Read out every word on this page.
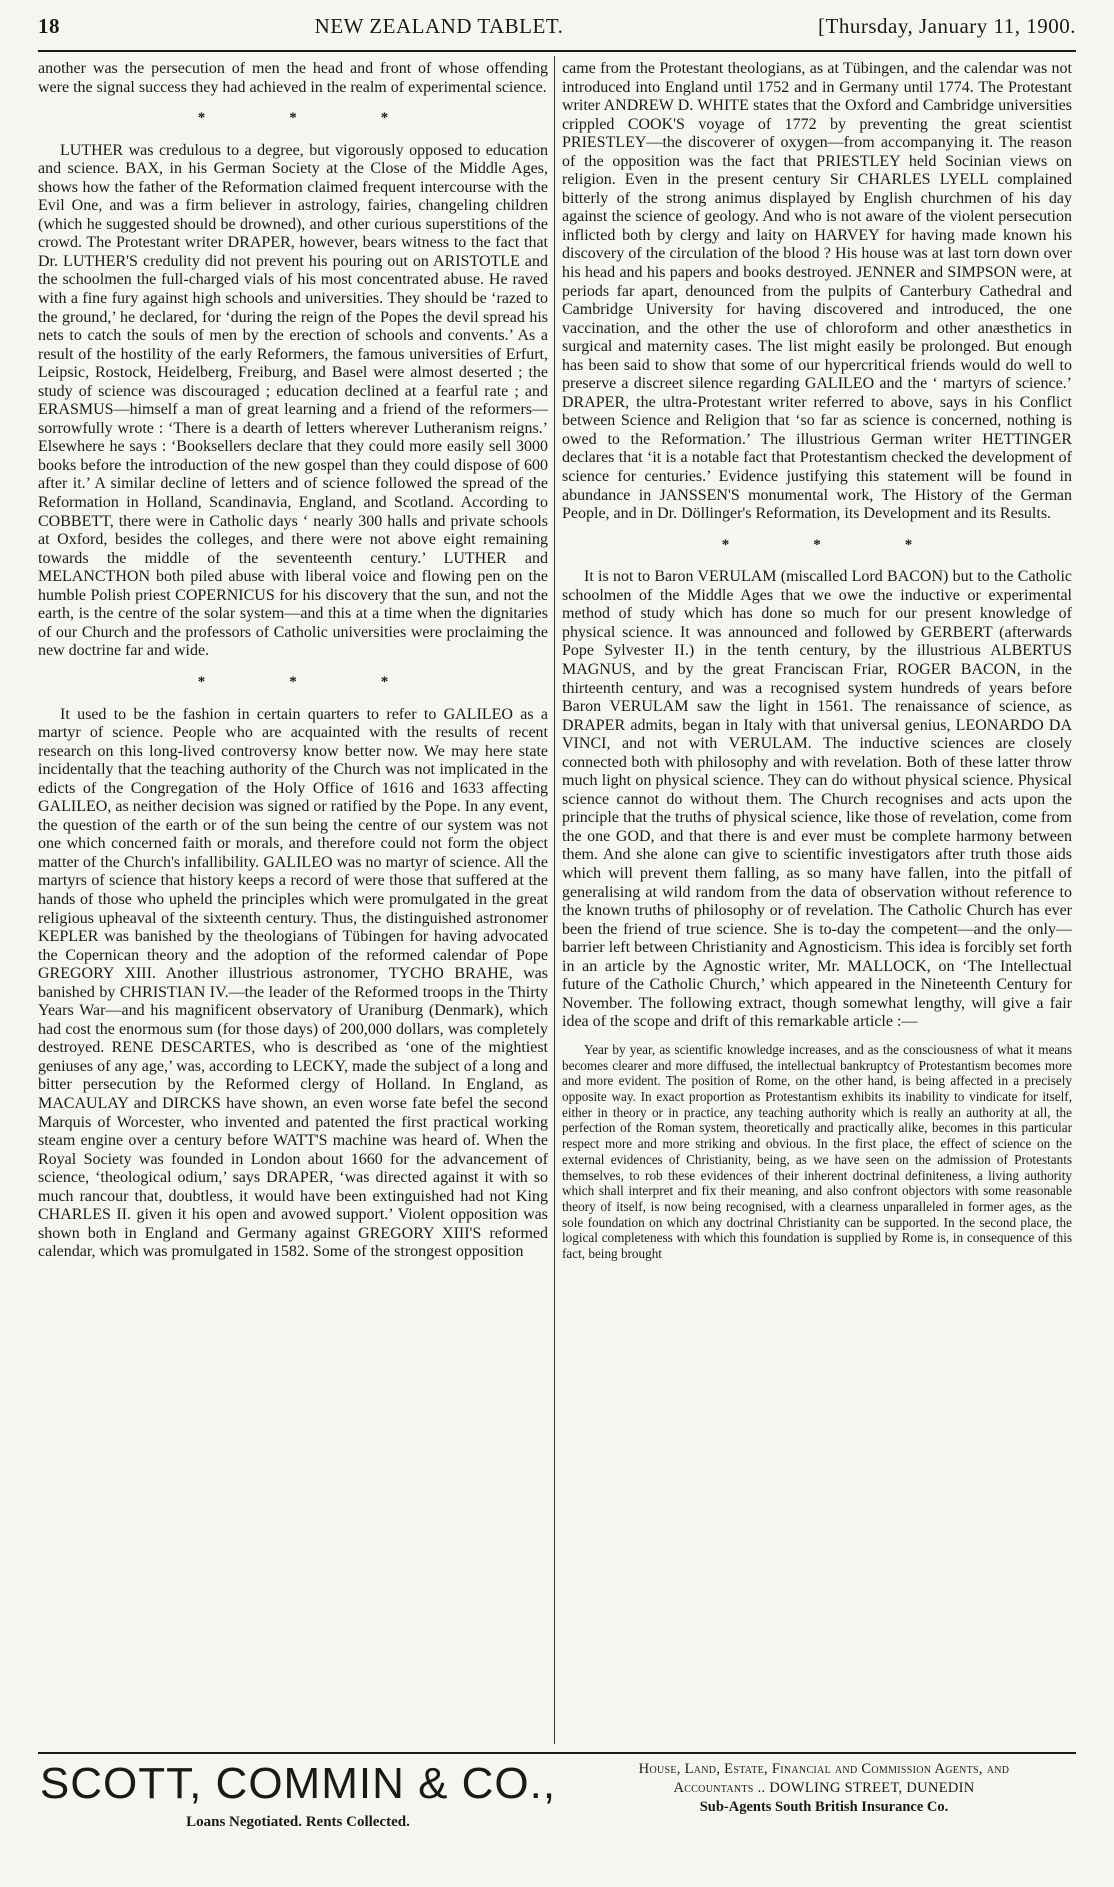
18	NEW ZEALAND TABLET.	[Thursday, January 11, 1900.

another was the persecution of men the head and front of whose offending were the signal success they had achieved in the realm of experimental science.

*	*	*

LUTHER was credulous to a degree, but vigorously opposed to education and science. BAX, in his German Society at the Close of the Middle Ages, shows how the father of the Reformation claimed frequent intercourse with the Evil One, and was a firm believer in astrology, fairies, changeling children (which he suggested should be drowned), and other curious superstitions of the crowd. The Protestant writer DRAPER, however, bears witness to the fact that Dr. LUTHER'S credulity did not prevent his pouring out on ARISTOTLE and the schoolmen the full-charged vials of his most concentrated abuse. He raved with a fine fury against high schools and universities. They should be ‘razed to the ground,’ he declared, for ‘during the reign of the Popes the devil spread his nets to catch the souls of men by the erection of schools and convents.’ As a result of the hostility of the early Reformers, the famous universities of Erfurt, Leipsic, Rostock, Heidelberg, Freiburg, and Basel were almost deserted ; the study of science was discouraged ; education declined at a fearful rate ; and ERASMUS—himself a man of great learning and a friend of the reformers—sorrowfully wrote : ‘There is a dearth of letters wherever Lutheranism reigns.’ Elsewhere he says : ‘Booksellers declare that they could more easily sell 3000 books before the introduction of the new gospel than they could dispose of 600 after it.’ A similar decline of letters and of science followed the spread of the Reformation in Holland, Scandinavia, England, and Scotland. According to COBBETT, there were in Catholic days ‘ nearly 300 halls and private schools at Oxford, besides the colleges, and there were not above eight remaining towards the middle of the seventeenth century.’ LUTHER and MELANCTHON both piled abuse with liberal voice and flowing pen on the humble Polish priest COPERNICUS for his discovery that the sun, and not the earth, is the centre of the solar system—and this at a time when the dignitaries of our Church and the professors of Catholic universities were proclaiming the new doctrine far and wide.

*	*	*

It used to be the fashion in certain quarters to refer to GALILEO as a martyr of science. People who are acquainted with the results of recent research on this long-lived controversy know better now. We may here state incidentally that the teaching authority of the Church was not implicated in the edicts of the Congregation of the Holy Office of 1616 and 1633 affecting GALILEO, as neither decision was signed or ratified by the Pope. In any event, the question of the earth or of the sun being the centre of our system was not one which concerned faith or morals, and therefore could not form the object matter of the Church's infallibility. GALILEO was no martyr of science. All the martyrs of science that history keeps a record of were those that suffered at the hands of those who upheld the principles which were promulgated in the great religious upheaval of the sixteenth century. Thus, the distinguished astronomer KEPLER was banished by the theologians of Tübingen for having advocated the Copernican theory and the adoption of the reformed calendar of Pope GREGORY XIII. Another illustrious astronomer, TYCHO BRAHE, was banished by CHRISTIAN IV.—the leader of the Reformed troops in the Thirty Years War—and his magnificent observatory of Uraniburg (Denmark), which had cost the enormous sum (for those days) of 200,000 dollars, was completely destroyed. RENE DESCARTES, who is described as ‘one of the mightiest geniuses of any age,’ was, according to LECKY, made the subject of a long and bitter persecution by the Reformed clergy of Holland. In England, as MACAULAY and DIRCKS have shown, an even worse fate befel the second Marquis of Worcester, who invented and patented the first practical working steam engine over a century before WATT'S machine was heard of. When the Royal Society was founded in London about 1660 for the advancement of science, ‘theological odium,’ says DRAPER, ‘was directed against it with so much rancour that, doubtless, it would have been extinguished had not King CHARLES II. given it his open and avowed support.’ Violent opposition was shown both in England and Germany against GREGORY XIII'S reformed calendar, which was promulgated in 1582. Some of the strongest opposition

came from the Protestant theologians, as at Tübingen, and the calendar was not introduced into England until 1752 and in Germany until 1774. The Protestant writer ANDREW D. WHITE states that the Oxford and Cambridge universities crippled COOK'S voyage of 1772 by preventing the great scientist PRIESTLEY—the discoverer of oxygen—from accompanying it. The reason of the opposition was the fact that PRIESTLEY held Socinian views on religion. Even in the present century Sir CHARLES LYELL complained bitterly of the strong animus displayed by English churchmen of his day against the science of geology. And who is not aware of the violent persecution inflicted both by clergy and laity on HARVEY for having made known his discovery of the circulation of the blood ? His house was at last torn down over his head and his papers and books destroyed. JENNER and SIMPSON were, at periods far apart, denounced from the pulpits of Canterbury Cathedral and Cambridge University for having discovered and introduced, the one vaccination, and the other the use of chloroform and other anæsthetics in surgical and maternity cases. The list might easily be prolonged. But enough has been said to show that some of our hypercritical friends would do well to preserve a discreet silence regarding GALILEO and the ‘ martyrs of science.’ DRAPER, the ultra-Protestant writer referred to above, says in his Conflict between Science and Religion that ‘so far as science is concerned, nothing is owed to the Reformation.’ The illustrious German writer HETTINGER declares that ‘it is a notable fact that Protestantism checked the development of science for centuries.’ Evidence justifying this statement will be found in abundance in JANSSEN'S monumental work, The History of the German People, and in Dr. Döllinger's Reformation, its Development and its Results.

*	*	*

It is not to Baron VERULAM (miscalled Lord BACON) but to the Catholic schoolmen of the Middle Ages that we owe the inductive or experimental method of study which has done so much for our present knowledge of physical science. It was announced and followed by GERBERT (afterwards Pope Sylvester II.) in the tenth century, by the illustrious ALBERTUS MAGNUS, and by the great Franciscan Friar, ROGER BACON, in the thirteenth century, and was a recognised system hundreds of years before Baron VERULAM saw the light in 1561. The renaissance of science, as DRAPER admits, began in Italy with that universal genius, LEONARDO DA VINCI, and not with VERULAM. The inductive sciences are closely connected both with philosophy and with revelation. Both of these latter throw much light on physical science. They can do without physical science. Physical science cannot do without them. The Church recognises and acts upon the principle that the truths of physical science, like those of revelation, come from the one GOD, and that there is and ever must be complete harmony between them. And she alone can give to scientific investigators after truth those aids which will prevent them falling, as so many have fallen, into the pitfall of generalising at wild random from the data of observation without reference to the known truths of philosophy or of revelation. The Catholic Church has ever been the friend of true science. She is to-day the competent—and the only—barrier left between Christianity and Agnosticism. This idea is forcibly set forth in an article by the Agnostic writer, Mr. MALLOCK, on ‘The Intellectual future of the Catholic Church,’ which appeared in the Nineteenth Century for November. The following extract, though somewhat lengthy, will give a fair idea of the scope and drift of this remarkable article :—

Year by year, as scientific knowledge increases, and as the consciousness of what it means becomes clearer and more diffused, the intellectual bankruptcy of Protestantism becomes more and more evident. The position of Rome, on the other hand, is being affected in a precisely opposite way. In exact proportion as Protestantism exhibits its inability to vindicate for itself, either in theory or in practice, any teaching authority which is really an authority at all, the perfection of the Roman system, theoretically and practically alike, becomes in this particular respect more and more striking and obvious. In the first place, the effect of science on the external evidences of Christianity, being, as we have seen on the admission of Protestants themselves, to rob these evidences of their inherent doctrinal definiteness, a living authority which shall interpret and fix their meaning, and also confront objectors with some reasonable theory of itself, is now being recognised, with a clearness unparalleled in former ages, as the sole foundation on which any doctrinal Christianity can be supported. In the second place, the logical completeness with which this foundation is supplied by Rome is, in consequence of this fact, being brought

SCOTT, COMMIN & CO.,
Loans Negotiated. Rents Collected.
House, Land, Estate, Financial and Commission Agents, and
Accountants .. DOWLING STREET, DUNEDIN
Sub-Agents South British Insurance Co.
